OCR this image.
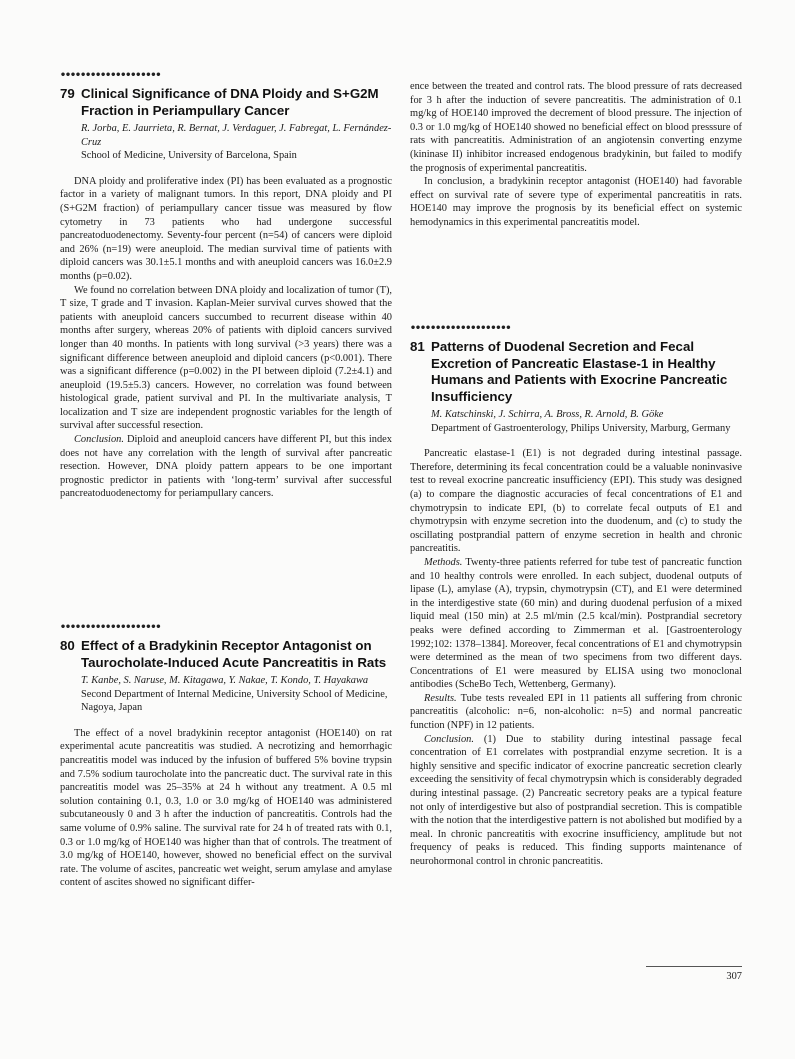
••••••••••••••••••••
79 Clinical Significance of DNA Ploidy and S+G2M Fraction in Periampullary Cancer
R. Jorba, E. Jaurrieta, R. Bernat, J. Verdaguer, J. Fabregat, L. Fernández-Cruz
School of Medicine, University of Barcelona, Spain

DNA ploidy and proliferative index (PI) has been evaluated as a prognostic factor in a variety of malignant tumors. In this report, DNA ploidy and PI (S+G2M fraction) of periampullary cancer tissue was measured by flow cytometry in 73 patients who had undergone successful pancreatoduodenectomy. Seventy-four percent (n=54) of cancers were diploid and 26% (n=19) were aneuploid. The median survival time of patients with diploid cancers was 30.1±5.1 months and with aneuploid cancers was 16.0±2.9 months (p=0.02).

We found no correlation between DNA ploidy and localization of tumor (T), T size, T grade and T invasion. Kaplan-Meier survival curves showed that the patients with aneuploid cancers succumbed to recurrent disease within 40 months after surgery, whereas 20% of patients with diploid cancers survived longer than 40 months. In patients with long survival (>3 years) there was a significant difference between aneuploid and diploid cancers (p<0.001). There was a significant difference (p=0.002) in the PI between diploid (7.2±4.1) and aneuploid (19.5±5.3) cancers. However, no correlation was found between histological grade, patient survival and PI. In the multivariate analysis, T localization and T size are independent prognostic variables for the length of survival after successful resection.

Conclusion. Diploid and aneuploid cancers have different PI, but this index does not have any correlation with the length of survival after pancreatic resection. However, DNA ploidy pattern appears to be one important prognostic predictor in patients with ‘long-term’ survival after successful pancreatoduodenectomy for periampullary cancers.

••••••••••••••••••••
80 Effect of a Bradykinin Receptor Antagonist on Taurocholate-Induced Acute Pancreatitis in Rats
T. Kanbe, S. Naruse, M. Kitagawa, Y. Nakae, T. Kondo, T. Hayakawa
Second Department of Internal Medicine, University School of Medicine, Nagoya, Japan

The effect of a novel bradykinin receptor antagonist (HOE140) on rat experimental acute pancreatitis was studied. A necrotizing and hemorrhagic pancreatitis model was induced by the infusion of buffered 5% bovine trypsin and 7.5% sodium taurocholate into the pancreatic duct. The survival rate in this pancreatitis model was 25–35% at 24 h without any treatment. A 0.5 ml solution containing 0.1, 0.3, 1.0 or 3.0 mg/kg of HOE140 was administered subcutaneously 0 and 3 h after the induction of pancreatitis. Controls had the same volume of 0.9% saline. The survival rate for 24 h of treated rats with 0.1, 0.3 or 1.0 mg/kg of HOE140 was higher than that of controls. The treatment of 3.0 mg/kg of HOE140, however, showed no beneficial effect on the survival rate. The volume of ascites, pancreatic wet weight, serum amylase and amylase content of ascites showed no significant differ-

ence between the treated and control rats. The blood pressure of rats decreased for 3 h after the induction of severe pancreatitis. The administration of 0.1 mg/kg of HOE140 improved the decrement of blood pressure. The injection of 0.3 or 1.0 mg/kg of HOE140 showed no beneficial effect on blood presssure of rats with pancreatitis. Administration of an angiotensin converting enzyme (kininase II) inhibitor increased endogenous bradykinin, but failed to modify the prognosis of experimental pancreatitis.

In conclusion, a bradykinin receptor antagonist (HOE140) had favorable effect on survival rate of severe type of experimental pancreatitis in rats. HOE140 may improve the prognosis by its beneficial effect on systemic hemodynamics in this experimental pancreatitis model.

••••••••••••••••••••
81 Patterns of Duodenal Secretion and Fecal Excretion of Pancreatic Elastase-1 in Healthy Humans and Patients with Exocrine Pancreatic Insufficiency
M. Katschinski, J. Schirra, A. Bross, R. Arnold, B. Göke
Department of Gastroenterology, Philips University, Marburg, Germany

Pancreatic elastase-1 (E1) is not degraded during intestinal passage. Therefore, determining its fecal concentration could be a valuable noninvasive test to reveal exocrine pancreatic insufficiency (EPI). This study was designed (a) to compare the diagnostic accuracies of fecal concentrations of E1 and chymotrypsin to indicate EPI, (b) to correlate fecal outputs of E1 and chymotrypsin with enzyme secretion into the duodenum, and (c) to study the oscillating postprandial pattern of enzyme secretion in health and chronic pancreatitis.

Methods. Twenty-three patients referred for tube test of pancreatic function and 10 healthy controls were enrolled. In each subject, duodenal outputs of lipase (L), amylase (A), trypsin, chymotrypsin (CT), and E1 were determined in the interdigestive state (60 min) and during duodenal perfusion of a mixed liquid meal (150 min) at 2.5 ml/min (2.5 kcal/min). Postprandial secretory peaks were defined according to Zimmerman et al. [Gastroenterology 1992;102: 1378–1384]. Moreover, fecal concentrations of E1 and chymotrypsin were determined as the mean of two specimens from two different days. Concentrations of E1 were measured by ELISA using two monoclonal antibodies (ScheBo Tech, Wettenberg, Germany).

Results. Tube tests revealed EPI in 11 patients all suffering from chronic pancreatitis (alcoholic: n=6, non-alcoholic: n=5) and normal pancreatic function (NPF) in 12 patients.

Conclusion. (1) Due to stability during intestinal passage fecal concentration of E1 correlates with postprandial enzyme secretion. It is a highly sensitive and specific indicator of exocrine pancreatic secretion clearly exceeding the sensitivity of fecal chymotrypsin which is considerably degraded during intestinal passage. (2) Pancreatic secretory peaks are a typical feature not only of interdigestive but also of postprandial secretion. This is compatible with the notion that the interdigestive pattern is not abolished but modified by a meal. In chronic pancreatitis with exocrine insufficiency, amplitude but not frequency of peaks is reduced. This finding supports maintenance of neurohormonal control in chronic pancreatitis.

307
